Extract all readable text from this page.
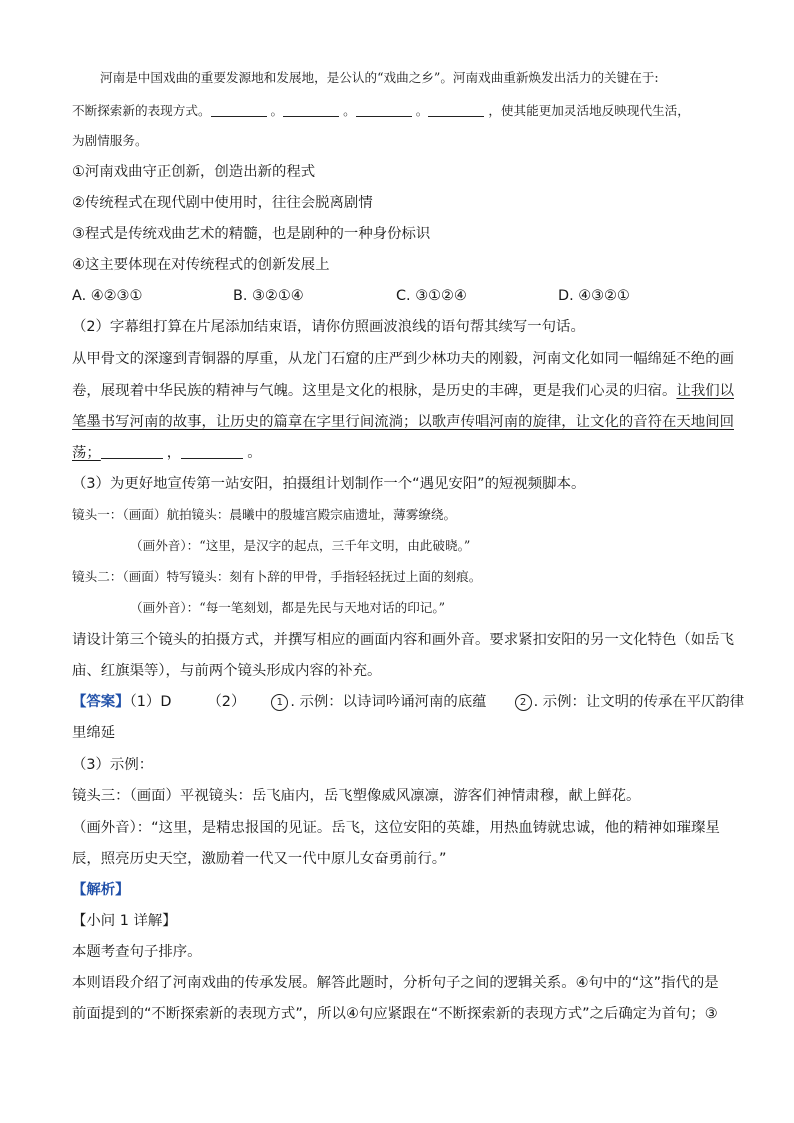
河南是中国戏曲的重要发源地和发展地，是公认的“戏曲之乡”。河南戏曲重新焕发出活力的关键在于:
不断探索新的表现方式。	。	。	。	，使其能更加灵活地反映现代生活，
为剧情服务。
①河南戏曲守正创新，创造出新的程式
②传统程式在现代剧中使用时，往往会脱离剧情
③程式是传统戏曲艺术的精髓，也是剧种的一种身份标识
④这主要体现在对传统程式的创新发展上
A. ④②③①	B. ③②①④	C. ③①②④	D. ④③②①
（2）字幕组打算在片尾添加结束语，请你仿照画波浪线的语句帮其续写一句话。
从甲骨文的深邃到青铜器的厚重，从龙门石窟的庄严到少林功夫的刚毅，河南文化如同一幅绵延不绝的画
卷，展现着中华民族的精神与气魄。这里是文化的根脉，是历史的丰碑，更是我们心灵的归宿。让我们以
笔墨书写河南的故事，让历史的篇章在字里行间流淌；以歌声传唱河南的旋律，让文化的音符在天地间回
荡；	，	。
（3）为更好地宣传第一站安阳，拍摄组计划制作一个“遇见安阳”的短视频脚本。
镜头一：（画面）航拍镜头：晨曦中的殷墟宫殿宗庙遗址，薄雾缭绕。
（画外音）：“这里，是汉字的起点，三千年文明，由此破晓。”
镜头二：（画面）特写镜头：刻有卜辞的甲骨，手指轻轻抚过上面的刻痕。
（画外音）：“每一笔刻划，都是先民与天地对话的印记。”
请设计第三个镜头的拍摄方式，并撰写相应的画面内容和画外音。要求紧扣安阳的另一文化特色（如岳飞
庙、红旗渠等），与前两个镜头形成内容的补充。
【答案】（1）D	（2）	1 . 示例：以诗词吟诵河南的底蕴	2 . 示例：让文明的传承在平仄韵律
里绵延
（3）示例：
镜头三：（画面）平视镜头：岳飞庙内，岳飞塑像威风凛凛，游客们神情肃穆，献上鲜花。
（画外音）：“这里，是精忠报国的见证。岳飞，这位安阳的英雄，用热血铸就忠诚，他的精神如璀璨星
辰，照亮历史天空，激励着一代又一代中原儿女奋勇前行。”
【解析】
【小问 1 详解】
本题考查句子排序。
本则语段介绍了河南戏曲的传承发展。解答此题时，分析句子之间的逻辑关系。④句中的“这”指代的是
前面提到的“不断探索新的表现方式”，所以④句应紧跟在“不断探索新的表现方式”之后确定为首句；③
